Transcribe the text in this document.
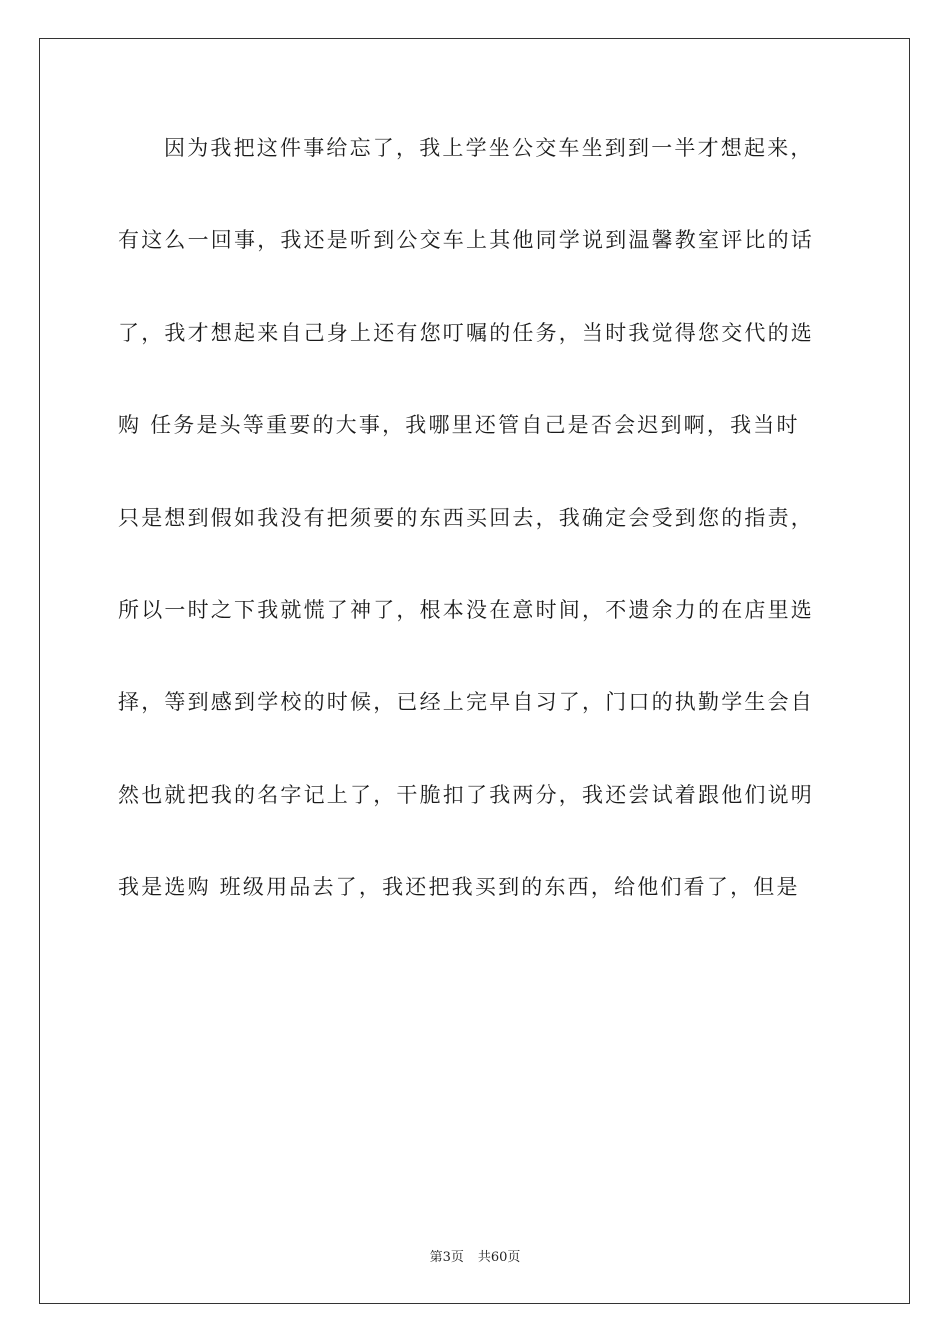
因为我把这件事给忘了，我上学坐公交车坐到到一半才想起来，
有这么一回事，我还是听到公交车上其他同学说到温馨教室评比的话
了，我才想起来自己身上还有您叮嘱的任务，当时我觉得您交代的选
购 任务是头等重要的大事，我哪里还管自己是否会迟到啊，我当时
只是想到假如我没有把须要的东西买回去，我确定会受到您的指责，
所以一时之下我就慌了神了，根本没在意时间，不遗余力的在店里选
择，等到感到学校的时候，已经上完早自习了，门口的执勤学生会自
然也就把我的名字记上了，干脆扣了我两分，我还尝试着跟他们说明
我是选购 班级用品去了，我还把我买到的东西，给他们看了，但是
第3页 共60页
